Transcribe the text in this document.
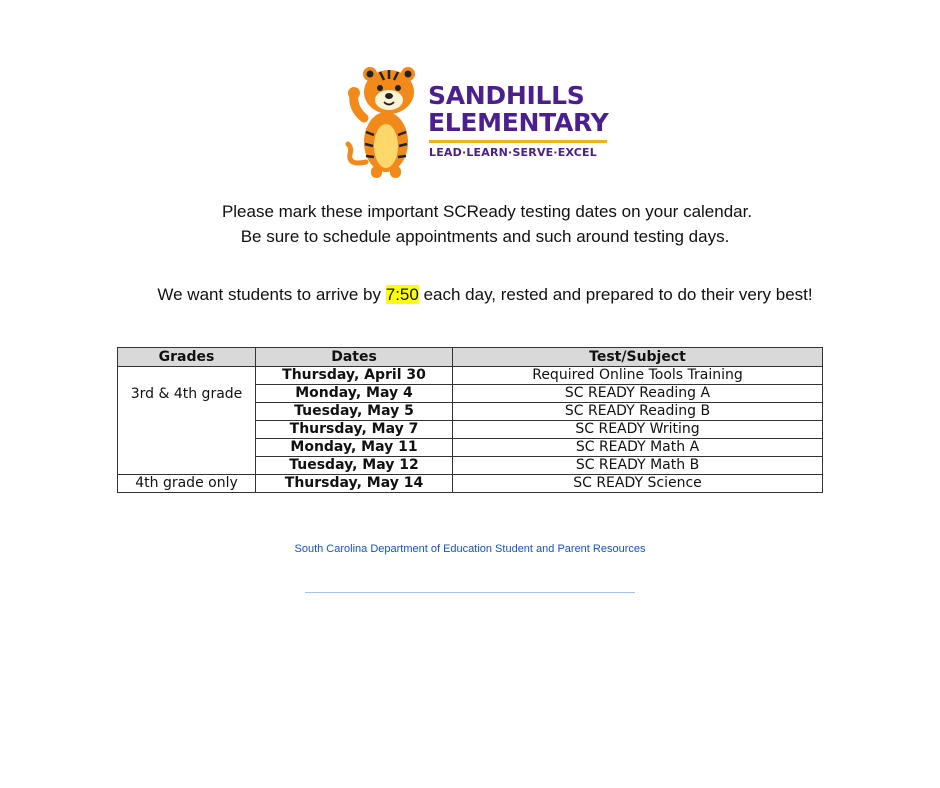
SANDHILLS
ELEMENTARY
LEAD·LEARN·SERVE·EXCEL
Please mark these important SCReady testing dates on your calendar.
Be sure to schedule appointments and such around testing days.
We want students to arrive by 7:50 each day, rested and prepared to do their very best!
Grades	Dates	Test/Subject
3rd & 4th grade	Thursday, April 30	Required Online Tools Training
	Monday, May 4	SC READY Reading A
	Tuesday, May 5	SC READY Reading B
	Thursday, May 7	SC READY Writing
	Monday, May 11	SC READY Math A
	Tuesday, May 12	SC READY Math B
4th grade only	Thursday, May 14	SC READY Science
South Carolina Department of Education Student and Parent Resources
